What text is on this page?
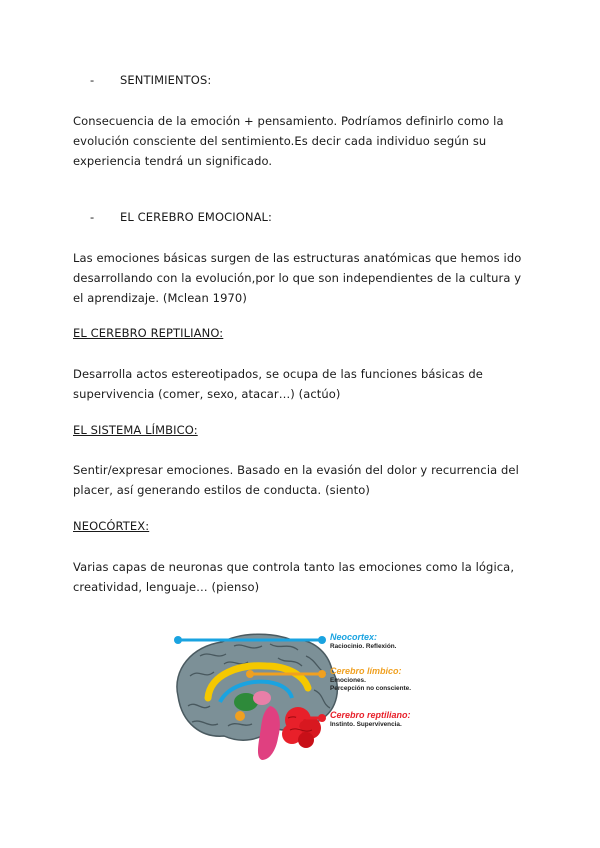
- SENTIMIENTOS:
Consecuencia de la emoción + pensamiento. Podríamos definirlo como la evolución consciente del sentimiento.Es decir cada individuo según su experiencia tendrá un significado.
- EL CEREBRO EMOCIONAL:
Las emociones básicas surgen de las estructuras anatómicas que hemos ido desarrollando con la evolución,por lo que son independientes de la cultura y el aprendizaje. (Mclean 1970)
EL CEREBRO REPTILIANO:
Desarrolla actos estereotipados, se ocupa de las funciones básicas de supervivencia (comer, sexo, atacar…) (actúo)
EL SISTEMA LÍMBICO:
Sentir/expresar emociones. Basado en la evasión del dolor y recurrencia del placer, así generando estilos de conducta. (siento)
NEOCÓRTEX:
Varias capas de neuronas que controla tanto las emociones como la lógica, creatividad, lenguaje… (pienso)
Neocortex:
Raciocinio. Reflexión.
Cerebro límbico:
Emociones.
Percepción no consciente.
Cerebro reptiliano:
Instinto. Supervivencia.
